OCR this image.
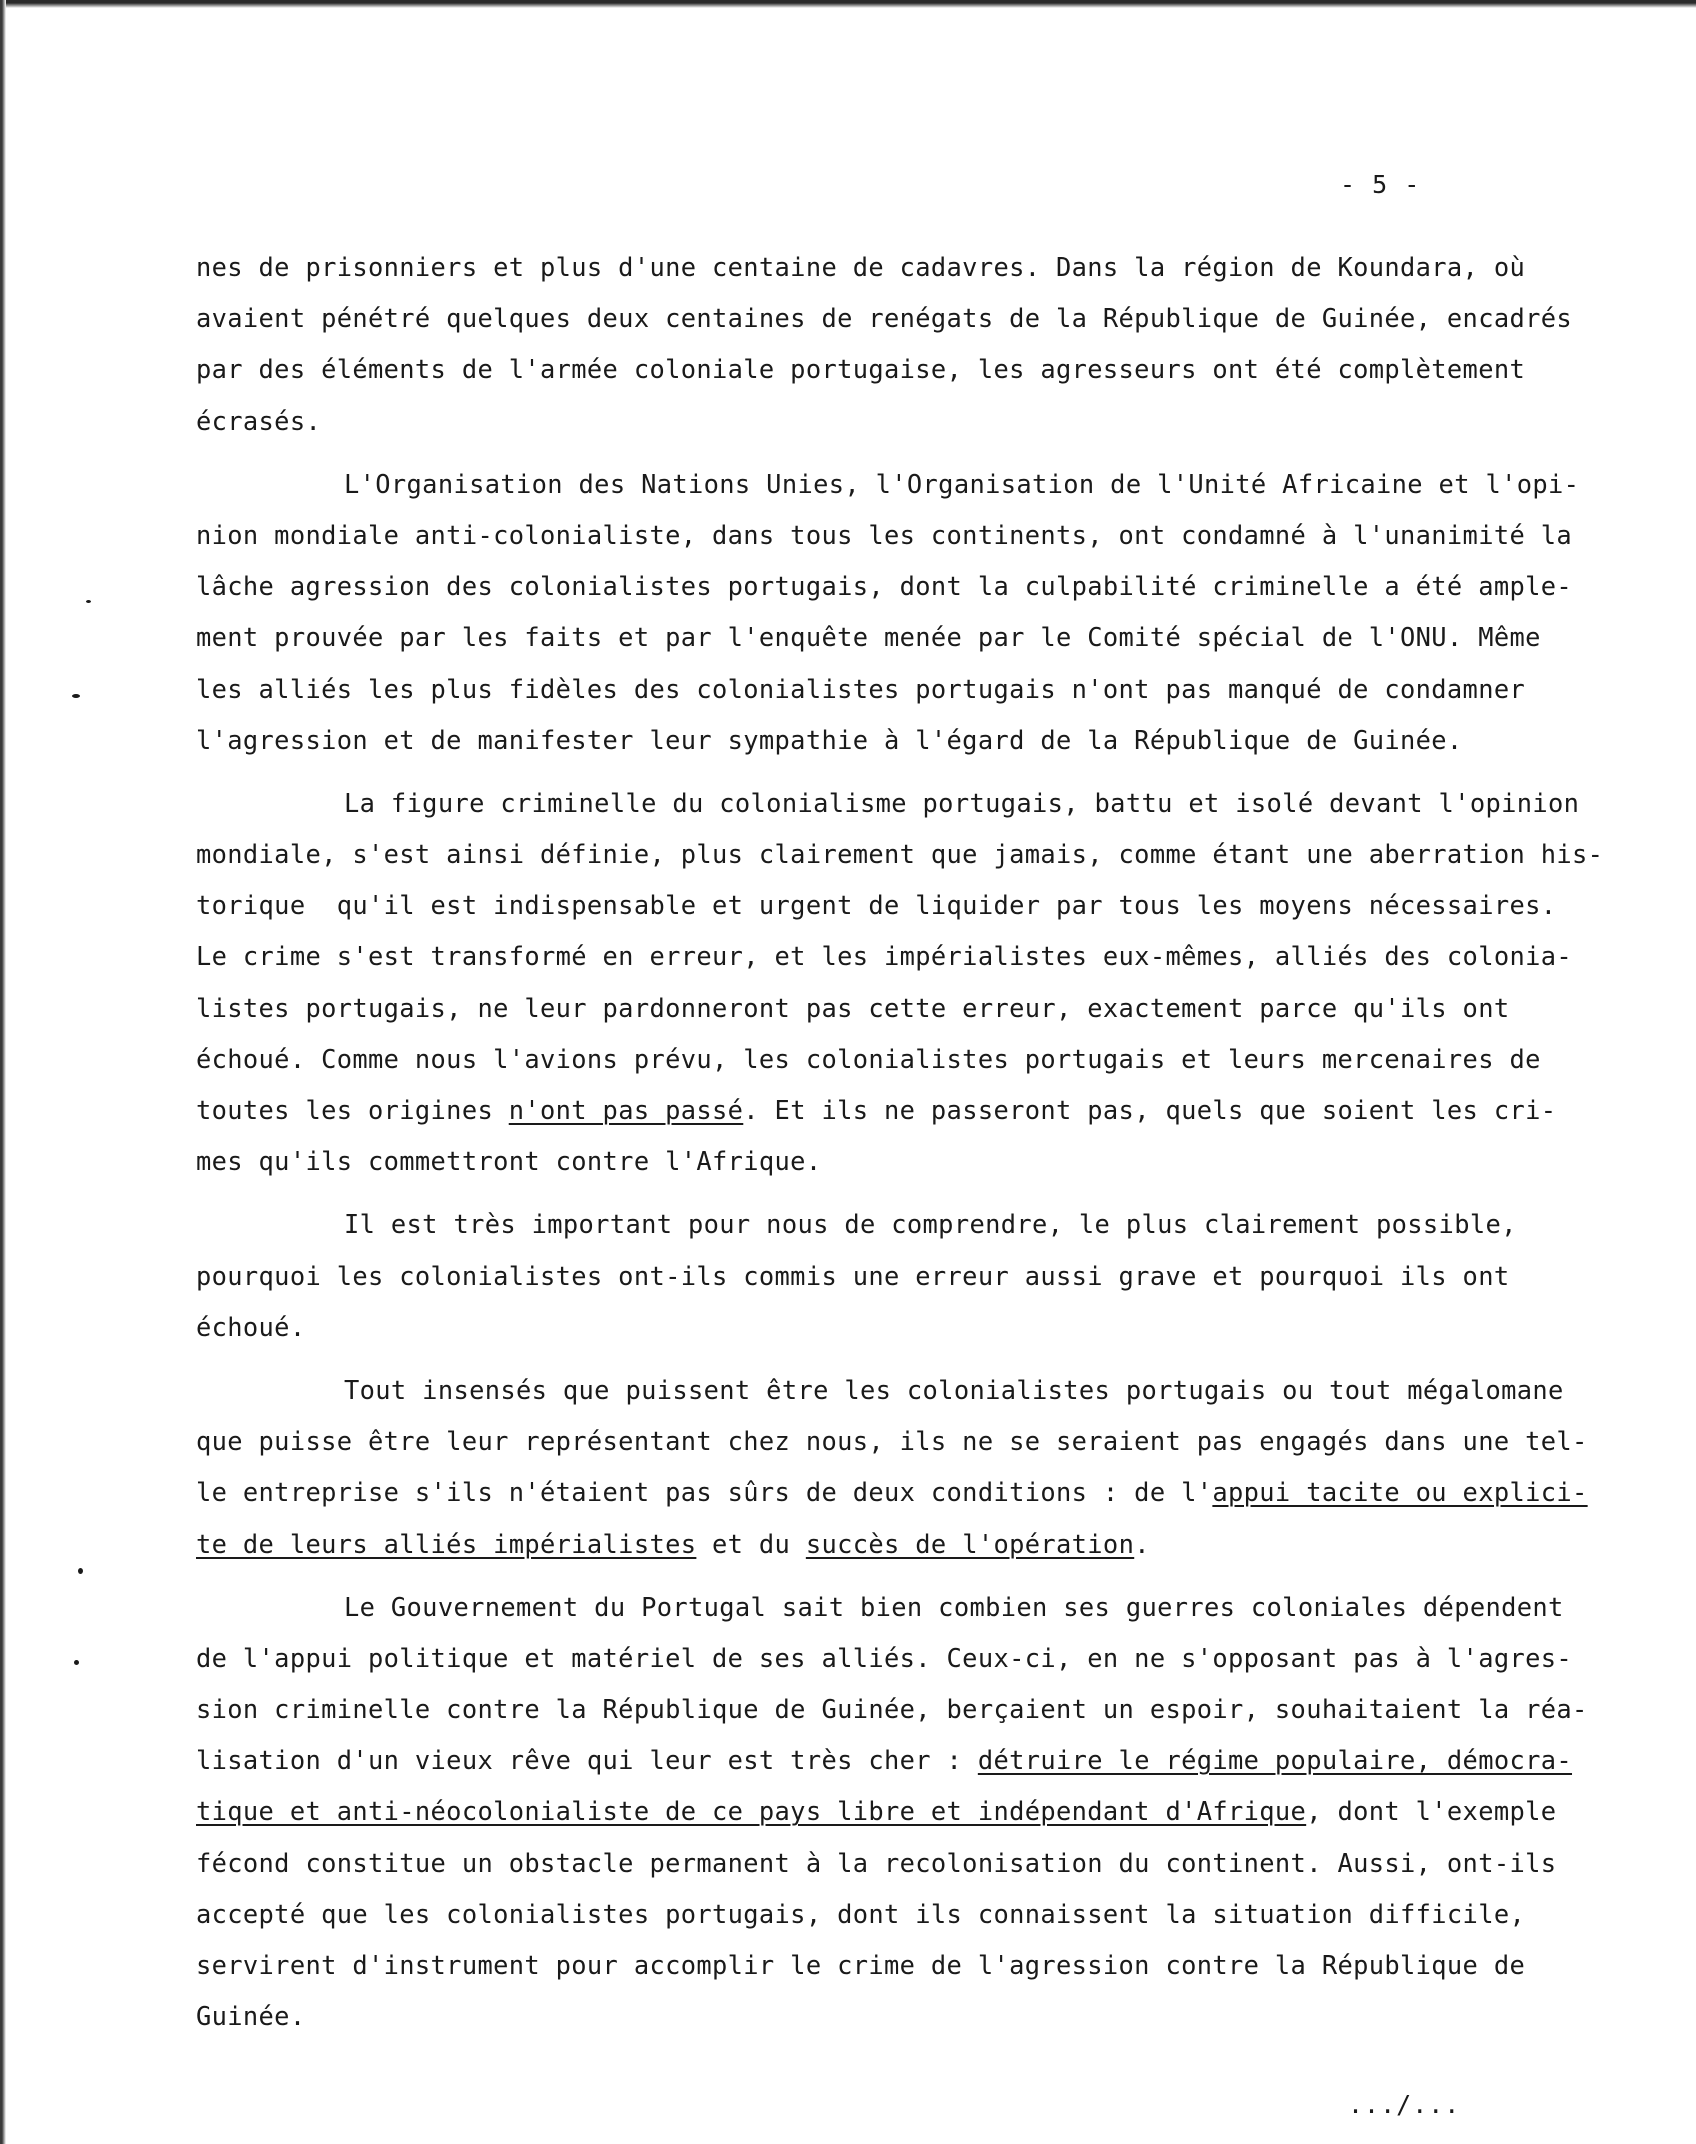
- 5 -
nes de prisonniers et plus d'une centaine de cadavres. Dans la région de Koundara, où
avaient pénétré quelques deux centaines de renégats de la République de Guinée, encadrés
par des éléments de l'armée coloniale portugaise, les agresseurs ont été complètement
écrasés.
L'Organisation des Nations Unies, l'Organisation de l'Unité Africaine et l'opi-
nion mondiale anti-colonialiste, dans tous les continents, ont condamné à l'unanimité la
lâche agression des colonialistes portugais, dont la culpabilité criminelle a été ample-
ment prouvée par les faits et par l'enquête menée par le Comité spécial de l'ONU. Même
les alliés les plus fidèles des colonialistes portugais n'ont pas manqué de condamner
l'agression et de manifester leur sympathie à l'égard de la République de Guinée.
La figure criminelle du colonialisme portugais, battu et isolé devant l'opinion
mondiale, s'est ainsi définie, plus clairement que jamais, comme étant une aberration his-
torique  qu'il est indispensable et urgent de liquider par tous les moyens nécessaires.
Le crime s'est transformé en erreur, et les impérialistes eux-mêmes, alliés des colonia-
listes portugais, ne leur pardonneront pas cette erreur, exactement parce qu'ils ont
échoué. Comme nous l'avions prévu, les colonialistes portugais et leurs mercenaires de
toutes les origines n'ont pas passé. Et ils ne passeront pas, quels que soient les cri-
mes qu'ils commettront contre l'Afrique.
Il est très important pour nous de comprendre, le plus clairement possible,
pourquoi les colonialistes ont-ils commis une erreur aussi grave et pourquoi ils ont
échoué.
Tout insensés que puissent être les colonialistes portugais ou tout mégalomane
que puisse être leur représentant chez nous, ils ne se seraient pas engagés dans une tel-
le entreprise s'ils n'étaient pas sûrs de deux conditions : de l'appui tacite ou explici-
te de leurs alliés impérialistes et du succès de l'opération.
Le Gouvernement du Portugal sait bien combien ses guerres coloniales dépendent
de l'appui politique et matériel de ses alliés. Ceux-ci, en ne s'opposant pas à l'agres-
sion criminelle contre la République de Guinée, berçaient un espoir, souhaitaient la réa-
lisation d'un vieux rêve qui leur est très cher : détruire le régime populaire, démocra-
tique et anti-néocolonialiste de ce pays libre et indépendant d'Afrique, dont l'exemple
fécond constitue un obstacle permanent à la recolonisation du continent. Aussi, ont-ils
accepté que les colonialistes portugais, dont ils connaissent la situation difficile,
servirent d'instrument pour accomplir le crime de l'agression contre la République de
Guinée.
.../...
